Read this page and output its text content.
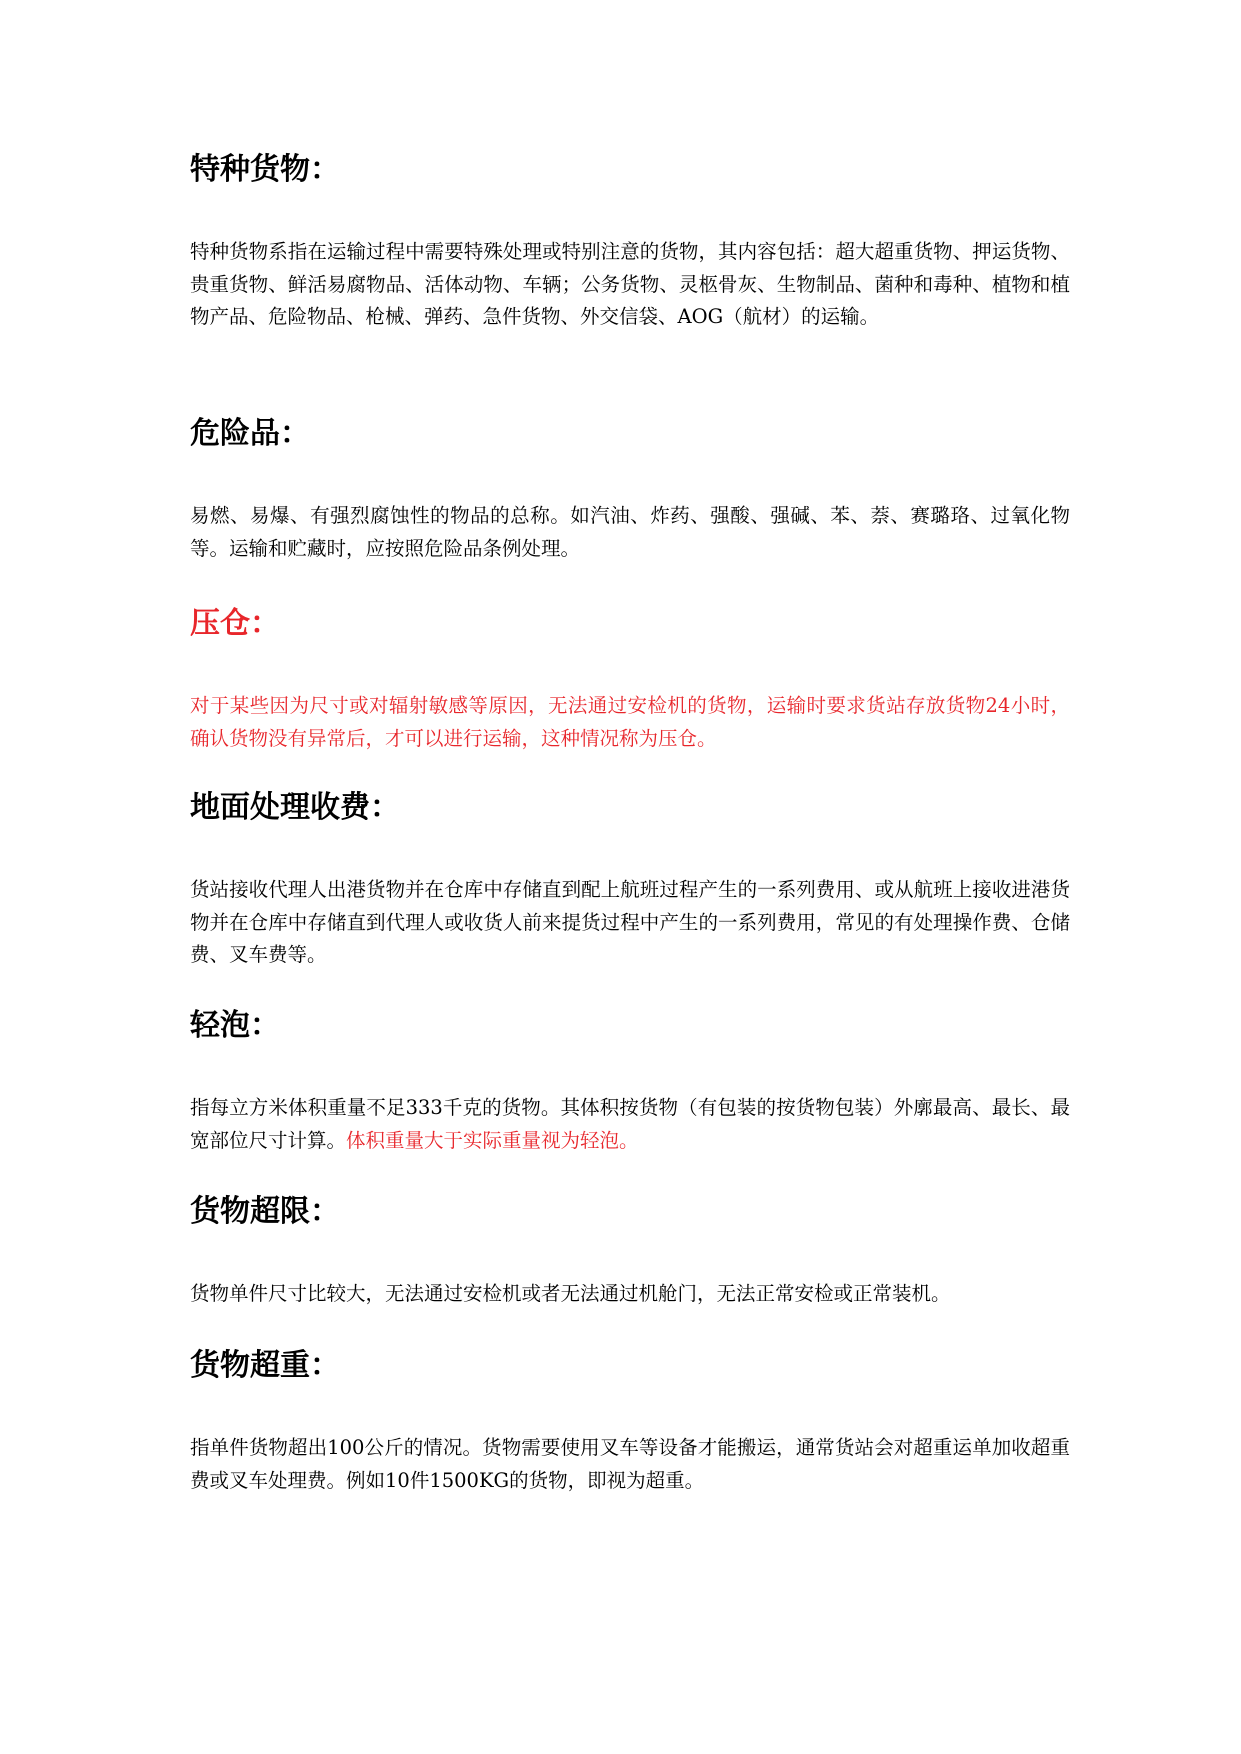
特种货物：

特种货物系指在运输过程中需要特殊处理或特别注意的货物，其内容包括：超大超重货物、押运货物、贵重货物、鲜活易腐物品、活体动物、车辆；公务货物、灵柩骨灰、生物制品、菌种和毒种、植物和植物产品、危险物品、枪械、弹药、急件货物、外交信袋、AOG（航材）的运输。

危险品：

易燃、易爆、有强烈腐蚀性的物品的总称。如汽油、炸药、强酸、强碱、苯、萘、赛璐珞、过氧化物等。运输和贮藏时，应按照危险品条例处理。

压仓：

对于某些因为尺寸或对辐射敏感等原因，无法通过安检机的货物，运输时要求货站存放货物24小时，确认货物没有异常后，才可以进行运输，这种情况称为压仓。

地面处理收费：

货站接收代理人出港货物并在仓库中存储直到配上航班过程产生的一系列费用、或从航班上接收进港货物并在仓库中存储直到代理人或收货人前来提货过程中产生的一系列费用，常见的有处理操作费、仓储费、叉车费等。

轻泡：

指每立方米体积重量不足333千克的货物。其体积按货物（有包装的按货物包装）外廓最高、最长、最宽部位尺寸计算。体积重量大于实际重量视为轻泡。

货物超限：

货物单件尺寸比较大，无法通过安检机或者无法通过机舱门，无法正常安检或正常装机。

货物超重：

指单件货物超出100公斤的情况。货物需要使用叉车等设备才能搬运，通常货站会对超重运单加收超重费或叉车处理费。例如10件1500KG的货物，即视为超重。
